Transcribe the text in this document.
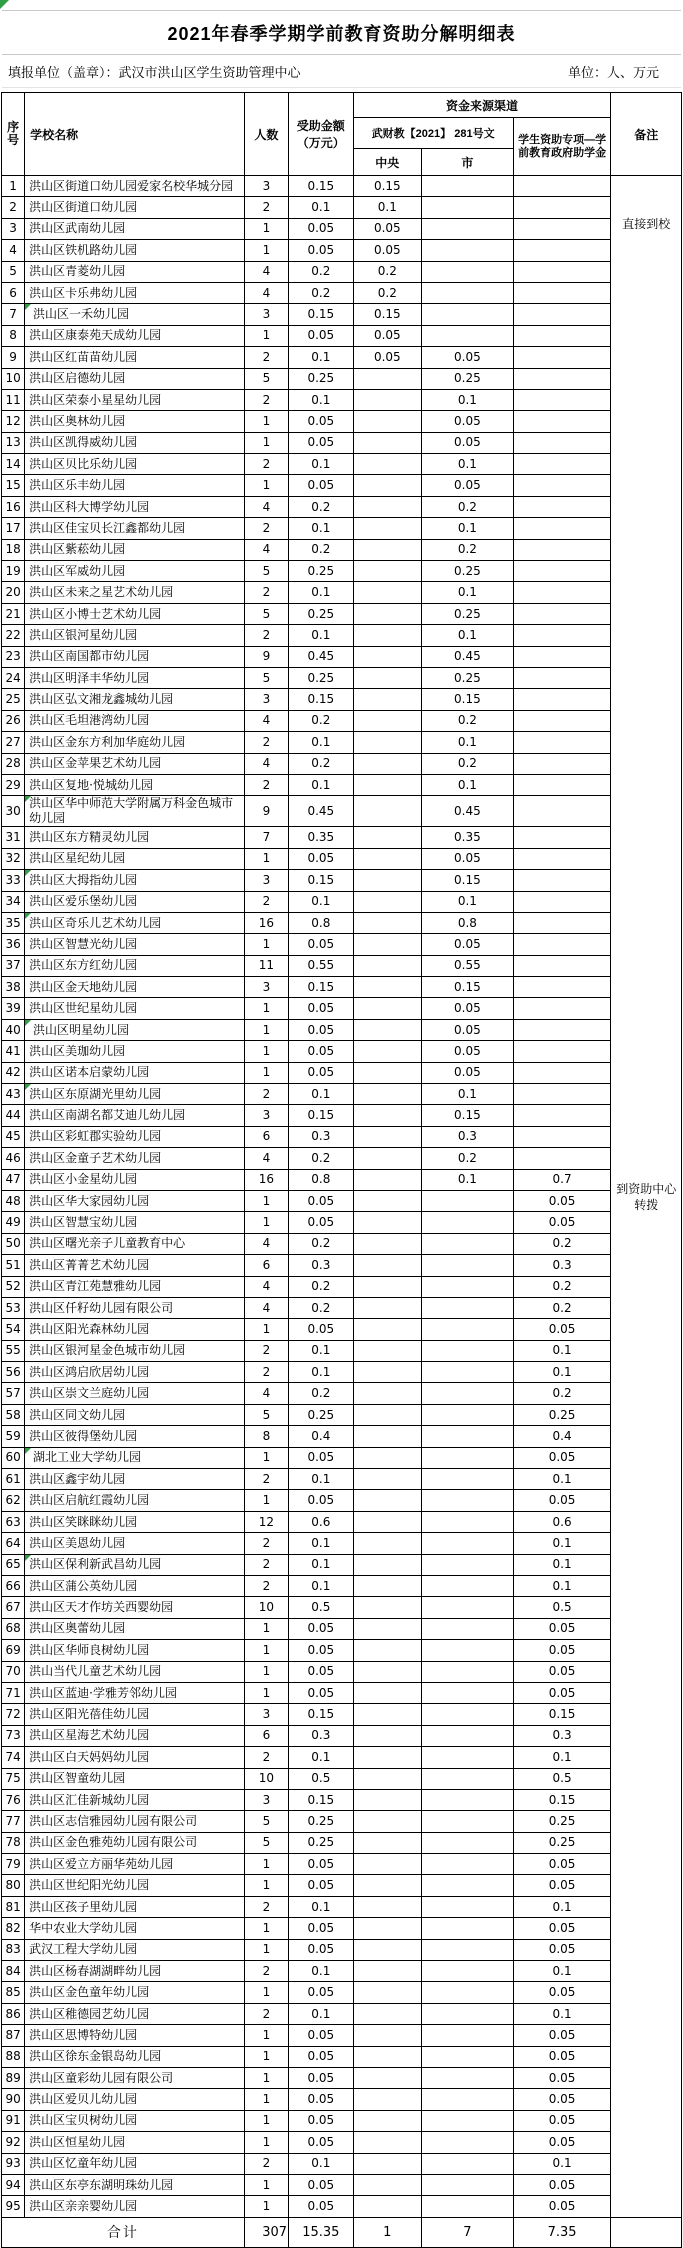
2021年春季学期学前教育资助分解明细表
填报单位（盖章）：武汉市洪山区学生资助管理中心	单位：人、万元
序号	学校名称	人数	受助金额
（万元）	资金来源渠道			备注
				武财教【2021】 281号文		学生资助专项—学前教育政府助学金	
				中央	市		
1	洪山区街道口幼儿园爱家名校华城分园	3	0.15	0.15			直接到校
到资助中心转拨

2	洪山区街道口幼儿园	2	0.1	0.1			
3	洪山区武南幼儿园	1	0.05	0.05			
4	洪山区铁机路幼儿园	1	0.05	0.05			
5	洪山区青菱幼儿园	4	0.2	0.2			
6	洪山区卡乐弗幼儿园	4	0.2	0.2			
7	洪山区一禾幼儿园	3	0.15	0.15			
8	洪山区康泰苑天成幼儿园	1	0.05	0.05			
9	洪山区红苗苗幼儿园	2	0.1	0.05	0.05		
10	洪山区启德幼儿园	5	0.25		0.25		
11	洪山区荣泰小星星幼儿园	2	0.1		0.1		
12	洪山区奥林幼儿园	1	0.05		0.05		
13	洪山区凯得威幼儿园	1	0.05		0.05		
14	洪山区贝比乐幼儿园	2	0.1		0.1		
15	洪山区乐丰幼儿园	1	0.05		0.05		
16	洪山区科大博学幼儿园	4	0.2		0.2		
17	洪山区佳宝贝长江鑫都幼儿园	2	0.1		0.1		
18	洪山区紫菘幼儿园	4	0.2		0.2		
19	洪山区军威幼儿园	5	0.25		0.25		
20	洪山区未来之星艺术幼儿园	2	0.1		0.1		
21	洪山区小博士艺术幼儿园	5	0.25		0.25		
22	洪山区银河星幼儿园	2	0.1		0.1		
23	洪山区南国都市幼儿园	9	0.45		0.45		
24	洪山区明泽丰华幼儿园	5	0.25		0.25		
25	洪山区弘文湘龙鑫城幼儿园	3	0.15		0.15		
26	洪山区毛坦港湾幼儿园	4	0.2		0.2		
27	洪山区金东方利加华庭幼儿园	2	0.1		0.1		
28	洪山区金苹果艺术幼儿园	4	0.2		0.2		
29	洪山区复地·悦城幼儿园	2	0.1		0.1		
30	洪山区华中师范大学附属万科金色城市幼儿园	9	0.45		0.45		
31	洪山区东方精灵幼儿园	7	0.35		0.35		
32	洪山区星纪幼儿园	1	0.05		0.05		
33	洪山区大拇指幼儿园	3	0.15		0.15		
34	洪山区爱乐堡幼儿园	2	0.1		0.1		
35	洪山区奇乐儿艺术幼儿园	16	0.8		0.8		
36	洪山区智慧光幼儿园	1	0.05		0.05		
37	洪山区东方红幼儿园	11	0.55		0.55		
38	洪山区金天地幼儿园	3	0.15		0.15		
39	洪山区世纪星幼儿园	1	0.05		0.05		
40	洪山区明星幼儿园	1	0.05		0.05		
41	洪山区美珈幼儿园	1	0.05		0.05		
42	洪山区诺本启蒙幼儿园	1	0.05		0.05		
43	洪山区东原湖光里幼儿园	2	0.1		0.1		
44	洪山区南湖名都艾迪儿幼儿园	3	0.15		0.15		
45	洪山区彩虹郡实验幼儿园	6	0.3		0.3		
46	洪山区金童子艺术幼儿园	4	0.2		0.2		
47	洪山区小金星幼儿园	16	0.8		0.1	0.7	
48	洪山区华大家园幼儿园	1	0.05			0.05	
49	洪山区智慧宝幼儿园	1	0.05			0.05	
50	洪山区曙光亲子儿童教育中心	4	0.2			0.2	
51	洪山区菁菁艺术幼儿园	6	0.3			0.3	
52	洪山区青江苑慧雅幼儿园	4	0.2			0.2	
53	洪山区仟籽幼儿园有限公司	4	0.2			0.2	
54	洪山区阳光森林幼儿园	1	0.05			0.05	
55	洪山区银河星金色城市幼儿园	2	0.1			0.1	
56	洪山区鸿启欣居幼儿园	2	0.1			0.1	
57	洪山区崇文兰庭幼儿园	4	0.2			0.2	
58	洪山区同文幼儿园	5	0.25			0.25	
59	洪山区彼得堡幼儿园	8	0.4			0.4	
60	湖北工业大学幼儿园	1	0.05			0.05	
61	洪山区鑫宇幼儿园	2	0.1			0.1	
62	洪山区启航红霞幼儿园	1	0.05			0.05	
63	洪山区笑眯眯幼儿园	12	0.6			0.6	
64	洪山区美恩幼儿园	2	0.1			0.1	
65	洪山区保利新武昌幼儿园	2	0.1			0.1	
66	洪山区蒲公英幼儿园	2	0.1			0.1	
67	洪山区天才作坊关西婴幼园	10	0.5			0.5	
68	洪山区奥蕾幼儿园	1	0.05			0.05	
69	洪山区华师良树幼儿园	1	0.05			0.05	
70	洪山当代儿童艺术幼儿园	1	0.05			0.05	
71	洪山区蓝迪·学雅芳邻幼儿园	1	0.05			0.05	
72	洪山区阳光蓓佳幼儿园	3	0.15			0.15	
73	洪山区星海艺术幼儿园	6	0.3			0.3	
74	洪山区白天妈妈幼儿园	2	0.1			0.1	
75	洪山区智童幼儿园	10	0.5			0.5	
76	洪山区汇佳新城幼儿园	3	0.15			0.15	
77	洪山区志信雅园幼儿园有限公司	5	0.25			0.25	
78	洪山区金色雅苑幼儿园有限公司	5	0.25			0.25	
79	洪山区爱立方丽华苑幼儿园	1	0.05			0.05	
80	洪山区世纪阳光幼儿园	1	0.05			0.05	
81	洪山区孩子里幼儿园	2	0.1			0.1	
82	华中农业大学幼儿园	1	0.05			0.05	
83	武汉工程大学幼儿园	1	0.05			0.05	
84	洪山区杨春湖湖畔幼儿园	2	0.1			0.1	
85	洪山区金色童年幼儿园	1	0.05			0.05	
86	洪山区稚德园艺幼儿园	2	0.1			0.1	
87	洪山区思博特幼儿园	1	0.05			0.05	
88	洪山区徐东金银岛幼儿园	1	0.05			0.05	
89	洪山区童彩幼儿园有限公司	1	0.05			0.05	
90	洪山区爱贝儿幼儿园	1	0.05			0.05	
91	洪山区宝贝树幼儿园	1	0.05			0.05	
92	洪山区恒星幼儿园	1	0.05			0.05	
93	洪山区忆童年幼儿园	2	0.1			0.1	
94	洪山区东亭东湖明珠幼儿园	1	0.05			0.05	
95	洪山区亲亲婴幼儿园	1	0.05			0.05	
合计		307	15.35	1	7	7.35	
